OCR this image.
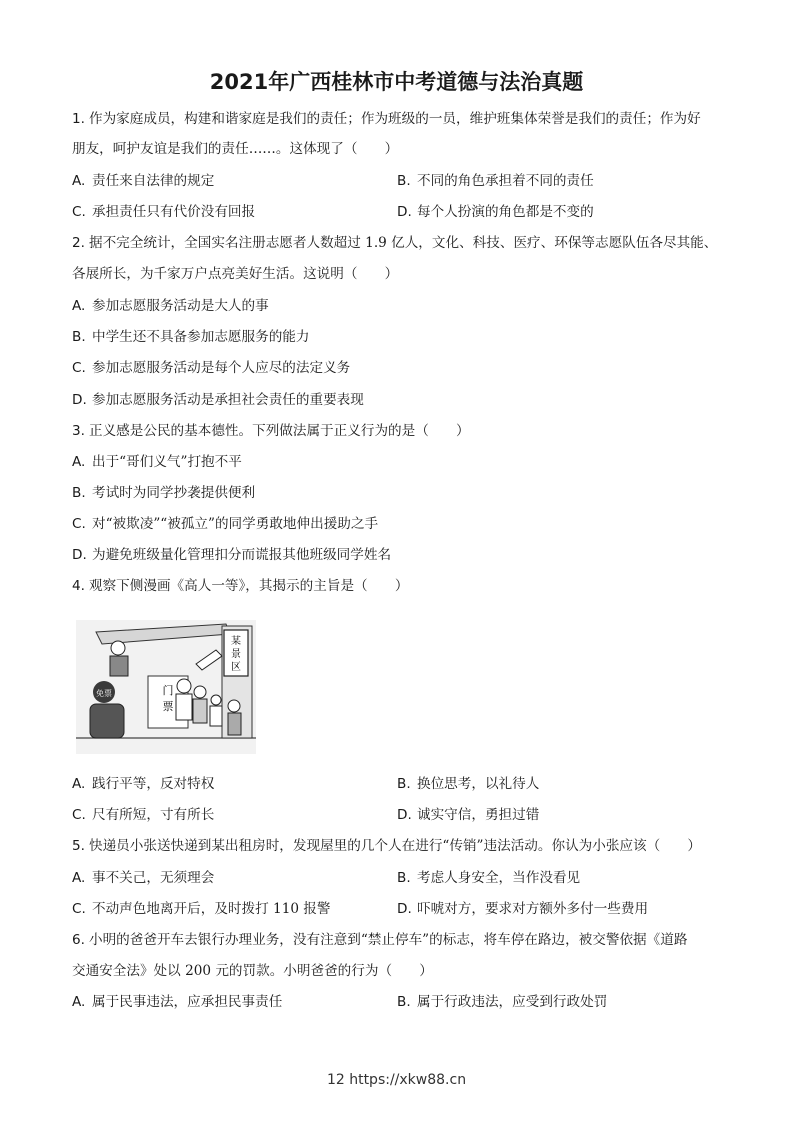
2021年广西桂林市中考道德与法治真题
1. 作为家庭成员，构建和谐家庭是我们的责任；作为班级的一员，维护班集体荣誉是我们的责任；作为好
朋友，呵护友谊是我们的责任……。这体现了（　　）
A. 责任来自法律的规定	B. 不同的角色承担着不同的责任
C. 承担责任只有代价没有回报	D. 每个人扮演的角色都是不变的
2. 据不完全统计，全国实名注册志愿者人数超过 1.9 亿人，文化、科技、医疗、环保等志愿队伍各尽其能、
各展所长，为千家万户点亮美好生活。这说明（　　）
A. 参加志愿服务活动是大人的事
B. 中学生还不具备参加志愿服务的能力
C. 参加志愿服务活动是每个人应尽的法定义务
D. 参加志愿服务活动是承担社会责任的重要表现
3. 正义感是公民的基本德性。下列做法属于正义行为的是（　　）
A. 出于“哥们义气”打抱不平
B. 考试时为同学抄袭提供便利
C. 对“被欺凌”“被孤立”的同学勇敢地伸出援助之手
D. 为避免班级量化管理扣分而谎报其他班级同学姓名
4. 观察下侧漫画《高人一等》，其揭示的主旨是（　　）
某
景
区
门
票
免票
A. 践行平等，反对特权	B. 换位思考，以礼待人
C. 尺有所短，寸有所长	D. 诚实守信，勇担过错
5. 快递员小张送快递到某出租房时，发现屋里的几个人在进行“传销”违法活动。你认为小张应该（　　）
A. 事不关己，无须理会	B. 考虑人身安全，当作没看见
C. 不动声色地离开后，及时拨打 110 报警	D. 吓唬对方，要求对方额外多付一些费用
6. 小明的爸爸开车去银行办理业务，没有注意到“禁止停车”的标志，将车停在路边，被交警依据《道路
交通安全法》处以 200 元的罚款。小明爸爸的行为（　　）
A. 属于民事违法，应承担民事责任	B. 属于行政违法，应受到行政处罚
12 https://xkw88.cn
